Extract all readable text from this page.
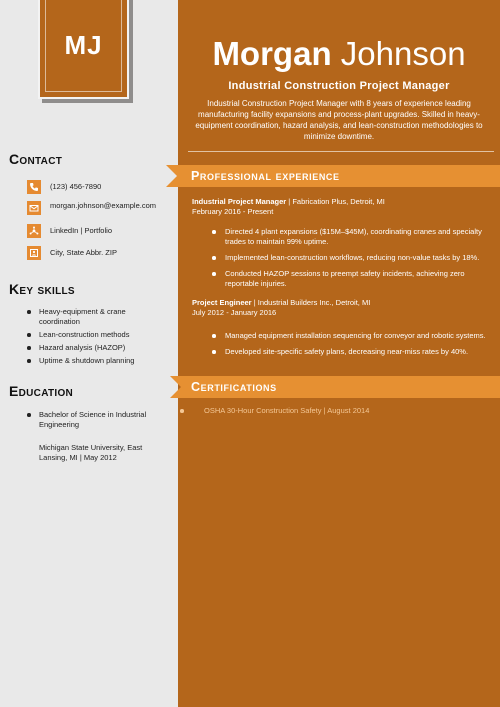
MJ	Morgan Johnson
Industrial Construction Project Manager
Industrial Construction Project Manager with 8 years of experience leading manufacturing facility expansions and process-plant upgrades. Skilled in heavy-equipment coordination, hazard analysis, and lean-construction methodologies to minimize downtime.
Contact
(123) 456-7890
morgan.johnson@example.com
LinkedIn | Portfolio
City, State Abbr. ZIP
Key skills
Heavy-equipment & crane coordination
Lean-construction methods
Hazard analysis (HAZOP)
Uptime & shutdown planning
Education
Bachelor of Science in Industrial Engineering
Michigan State University, East Lansing, MI | May 2012
Professional experience
Industrial Project Manager | Fabrication Plus, Detroit, MI
February 2016 - Present
Directed 4 plant expansions ($15M–$45M), coordinating cranes and specialty trades to maintain 99% uptime.
Implemented lean-construction workflows, reducing non-value tasks by 18%.
Conducted HAZOP sessions to preempt safety incidents, achieving zero reportable injuries.
Project Engineer | Industrial Builders Inc., Detroit, MI
July 2012 - January 2016
Managed equipment installation sequencing for conveyor and robotic systems.
Developed site-specific safety plans, decreasing near-miss rates by 40%.
Certifications
OSHA 30-Hour Construction Safety | August 2014
